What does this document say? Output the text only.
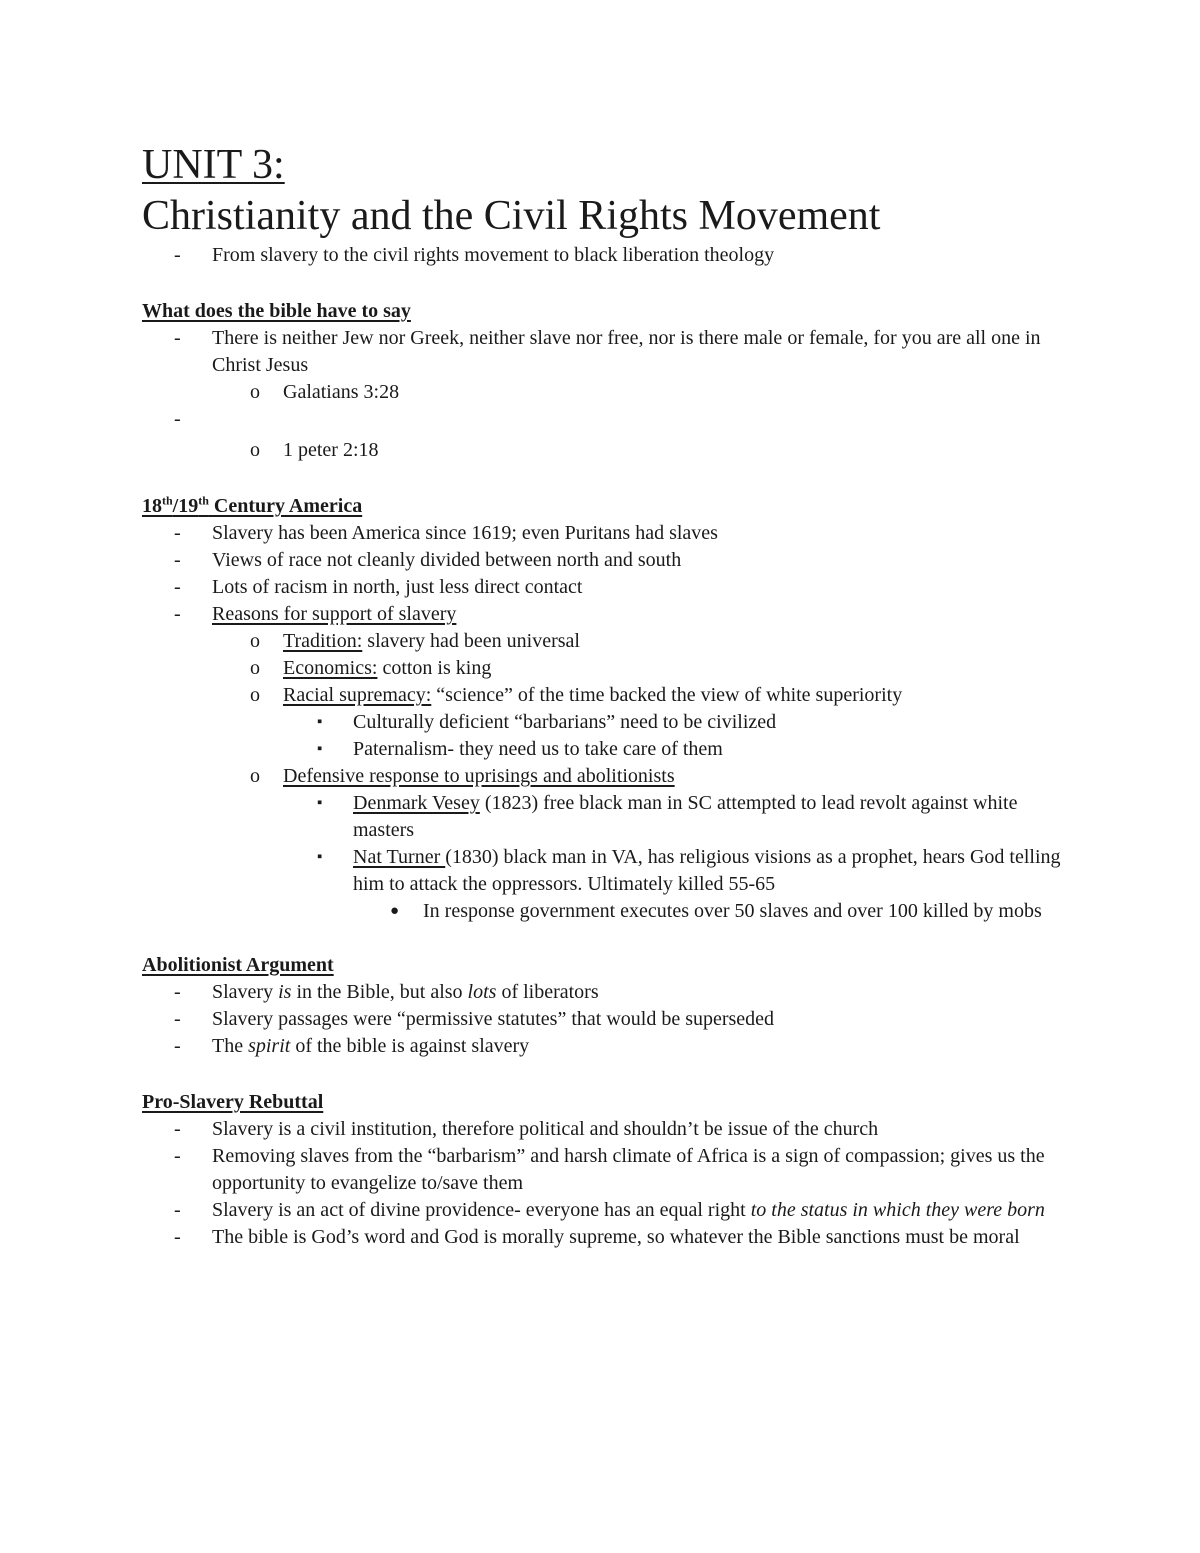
UNIT 3:
Christianity and the Civil Rights Movement
- From slavery to the civil rights movement to black liberation theology
What does the bible have to say
- There is neither Jew nor Greek, neither slave nor free, nor is there male or female, for you are all one in Christ Jesus
o Galatians 3:28
-
o 1 peter 2:18
18th/19th Century America
- Slavery has been America since 1619; even Puritans had slaves
- Views of race not cleanly divided between north and south
- Lots of racism in north, just less direct contact
- Reasons for support of slavery
o Tradition: slavery had been universal
o Economics: cotton is king
o Racial supremacy: “science” of the time backed the view of white superiority
▪ Culturally deficient “barbarians” need to be civilized
▪ Paternalism- they need us to take care of them
o Defensive response to uprisings and abolitionists
▪ Denmark Vesey (1823) free black man in SC attempted to lead revolt against white masters
▪ Nat Turner (1830) black man in VA, has religious visions as a prophet, hears God telling him to attack the oppressors. Ultimately killed 55-65
● In response government executes over 50 slaves and over 100 killed by mobs
Abolitionist Argument
- Slavery is in the Bible, but also lots of liberators
- Slavery passages were “permissive statutes” that would be superseded
- The spirit of the bible is against slavery
Pro-Slavery Rebuttal
- Slavery is a civil institution, therefore political and shouldn’t be issue of the church
- Removing slaves from the “barbarism” and harsh climate of Africa is a sign of compassion; gives us the opportunity to evangelize to/save them
- Slavery is an act of divine providence- everyone has an equal right to the status in which they were born
- The bible is God’s word and God is morally supreme, so whatever the Bible sanctions must be moral
